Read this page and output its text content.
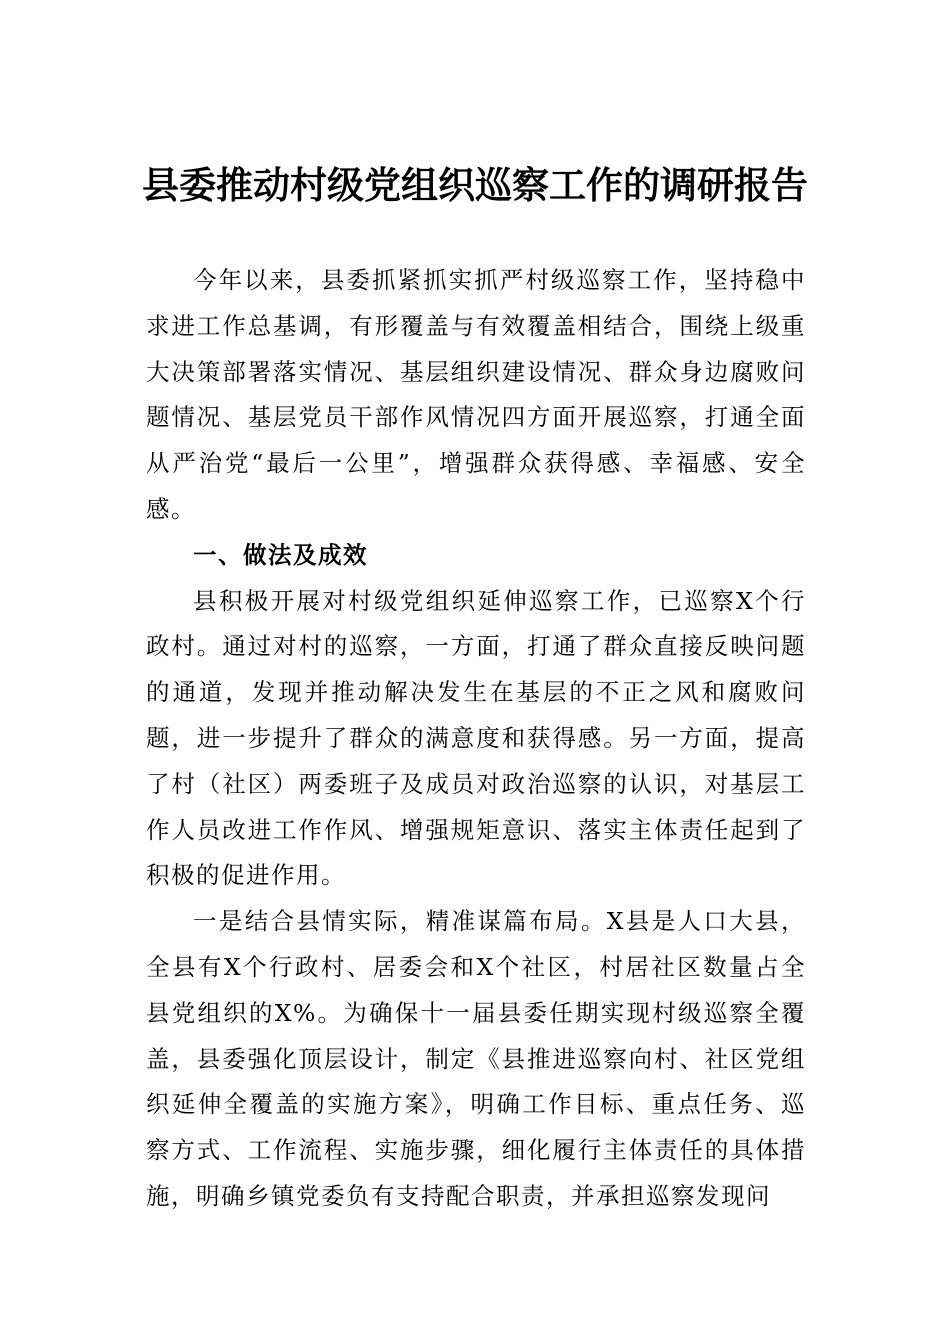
县委推动村级党组织巡察工作的调研报告

今年以来，县委抓紧抓实抓严村级巡察工作，坚持稳中求进工作总基调，有形覆盖与有效覆盖相结合，围绕上级重大决策部署落实情况、基层组织建设情况、群众身边腐败问题情况、基层党员干部作风情况四方面开展巡察，打通全面从严治党“最后一公里”，增强群众获得感、幸福感、安全感。

一、做法及成效

县积极开展对村级党组织延伸巡察工作，已巡察X个行政村。通过对村的巡察，一方面，打通了群众直接反映问题的通道，发现并推动解决发生在基层的不正之风和腐败问题，进一步提升了群众的满意度和获得感。另一方面，提高了村（社区）两委班子及成员对政治巡察的认识，对基层工作人员改进工作作风、增强规矩意识、落实主体责任起到了积极的促进作用。

一是结合县情实际，精准谋篇布局。X县是人口大县，全县有X个行政村、居委会和X个社区，村居社区数量占全县党组织的X%。为确保十一届县委任期实现村级巡察全覆盖，县委强化顶层设计，制定《县推进巡察向村、社区党组织延伸全覆盖的实施方案》，明确工作目标、重点任务、巡察方式、工作流程、实施步骤，细化履行主体责任的具体措施，明确乡镇党委负有支持配合职责，并承担巡察发现问
